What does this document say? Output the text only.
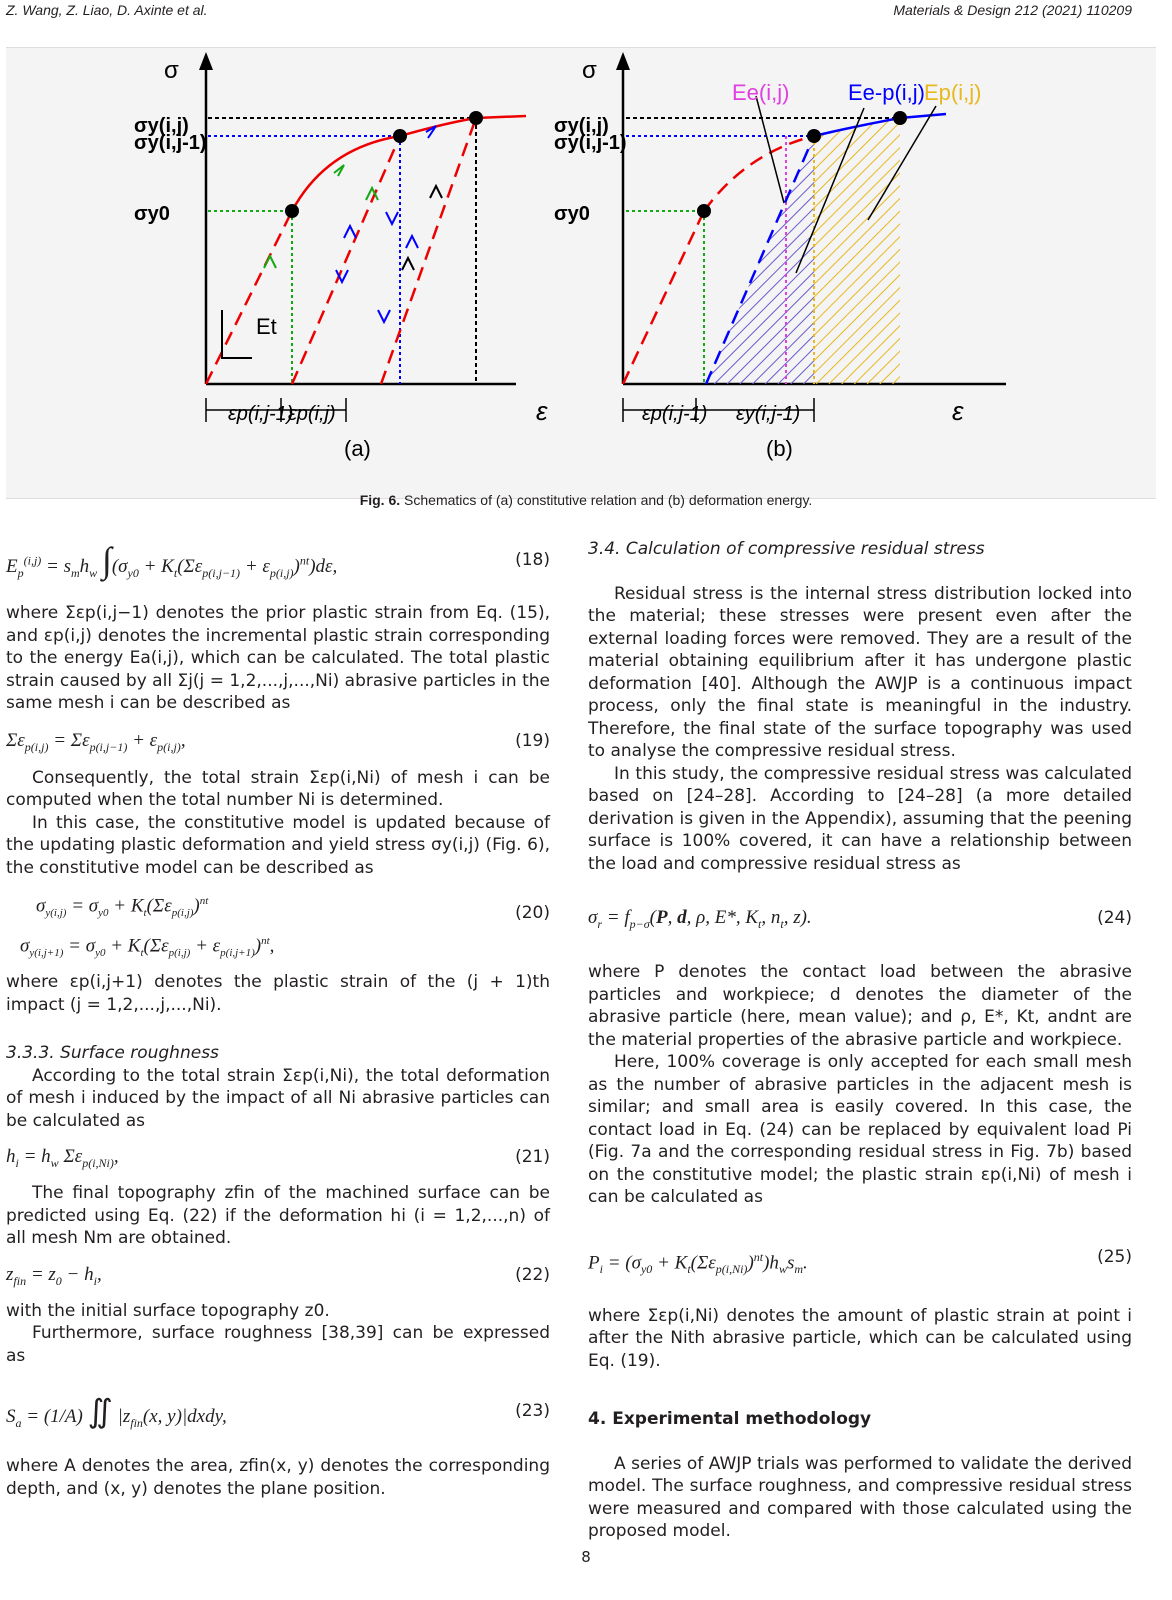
Z. Wang, Z. Liao, D. Axinte et al.	Materials & Design 212 (2021) 110209
σ
σy(i,j)
σy(i,j-1)
σy0
Et
εp(i,j-1)
εp(i,j)	ε
(a)
σ
σy(i,j)
σy(i,j-1)
σy0
Ee(i,j)	Ee-p(i,j)
Ep(i,j)
εp(i,j-1) εy(i,j-1)	ε
(b)
Fig. 6. Schematics of (a) constitutive relation and (b) deformation energy.
$E_p^{(i,j)} = s_mh_w$ $\int(\sigma_{y0} + K_t(\Sigma\varepsilon_{p(i,j-1)} + \varepsilon_{p(i,j)})^{nt})d\varepsilon$,	(18)

where Σεp(i,j−1) denotes the prior plastic strain from Eq. (15), and εp(i,j) denotes the incremental plastic strain corresponding to the energy Ea(i,j), which can be calculated. The total plastic strain caused by all Σj(j = 1,2,...,j,...,Ni) abrasive particles in the same mesh i can be described as

$\Sigma\varepsilon_{p(i,j)} = \Sigma\varepsilon_{p(i,j-1)} + \varepsilon_{p(i,j)}$,	(19)

Consequently, the total strain Σεp(i,Ni) of mesh i can be computed when the total number Ni is determined.

In this case, the constitutive model is updated because of the updating plastic deformation and yield stress σy(i,j) (Fig. 6), the constitutive model can be described as

$\sigma_{y(i,j)} = \sigma_{y0} + K_t(\Sigma\varepsilon_{p(i,j)})^{nt}$
$\sigma_{y(i,j+1)} = \sigma_{y0} + K_t(\Sigma\varepsilon_{p(i,j)} + \varepsilon_{p(i,j+1)})^{nt}$,
(20)

where εp(i,j+1) denotes the plastic strain of the (j + 1)th impact (j = 1,2,...,j,...,Ni).

3.3.3. Surface roughness

According to the total strain Σεp(i,Ni), the total deformation of mesh i induced by the impact of all Ni abrasive particles can be calculated as

$h_i = h_w$ $\Sigma\varepsilon_{p(i,Ni)}$,	(21)

The final topography zfin of the machined surface can be predicted using Eq. (22) if the deformation hi (i = 1,2,...,n) of all mesh Nm are obtained.

$z_{fin} = z_0 - h_i$,	(22)

with the initial surface topography z0.

Furthermore, surface roughness [38,39] can be expressed as

$S_a = (1/A)$ ∬ $|z_{fin}(x$, y)|dxdy,	(23)

where A denotes the area, zfin(x, y) denotes the corresponding depth, and (x, y) denotes the plane position.

3.4. Calculation of compressive residual stress

Residual stress is the internal stress distribution locked into the material; these stresses were present even after the external loading forces were removed. They are a result of the material obtaining equilibrium after it has undergone plastic deformation [40]. Although the AWJP is a continuous impact process, only the final state is meaningful in the industry. Therefore, the final state of the surface topography was used to analyse the compressive residual stress.

In this study, the compressive residual stress was calculated based on [24–28]. According to [24–28] (a more detailed derivation is given in the Appendix), assuming that the peening surface is 100% covered, it can have a relationship between the load and compressive residual stress as

$\sigma_r = f_{p-\sigma}(P$, d, ρ, E*, $K_t$, $n_t$, z).	(24)

where P denotes the contact load between the abrasive particles and workpiece; d denotes the diameter of the abrasive particle (here, mean value); and ρ, E*, Kt, andnt are the material properties of the abrasive particle and workpiece.

Here, 100% coverage is only accepted for each small mesh as the number of abrasive particles in the adjacent mesh is similar; and small area is easily covered. In this case, the contact load in Eq. (24) can be replaced by equivalent load Pi (Fig. 7a and the corresponding residual stress in Fig. 7b) based on the constitutive model; the plastic strain εp(i,Ni) of mesh i can be calculated as

$P_i = (\sigma_{y0} + K_t(\Sigma\varepsilon_{p(i,Ni)})^{nt})h_ws_m$.	(25)

where Σεp(i,Ni) denotes the amount of plastic strain at point i after the Nith abrasive particle, which can be calculated using Eq. (19).

4. Experimental methodology

A series of AWJP trials was performed to validate the derived model. The surface roughness, and compressive residual stress were measured and compared with those calculated using the proposed model.

8
